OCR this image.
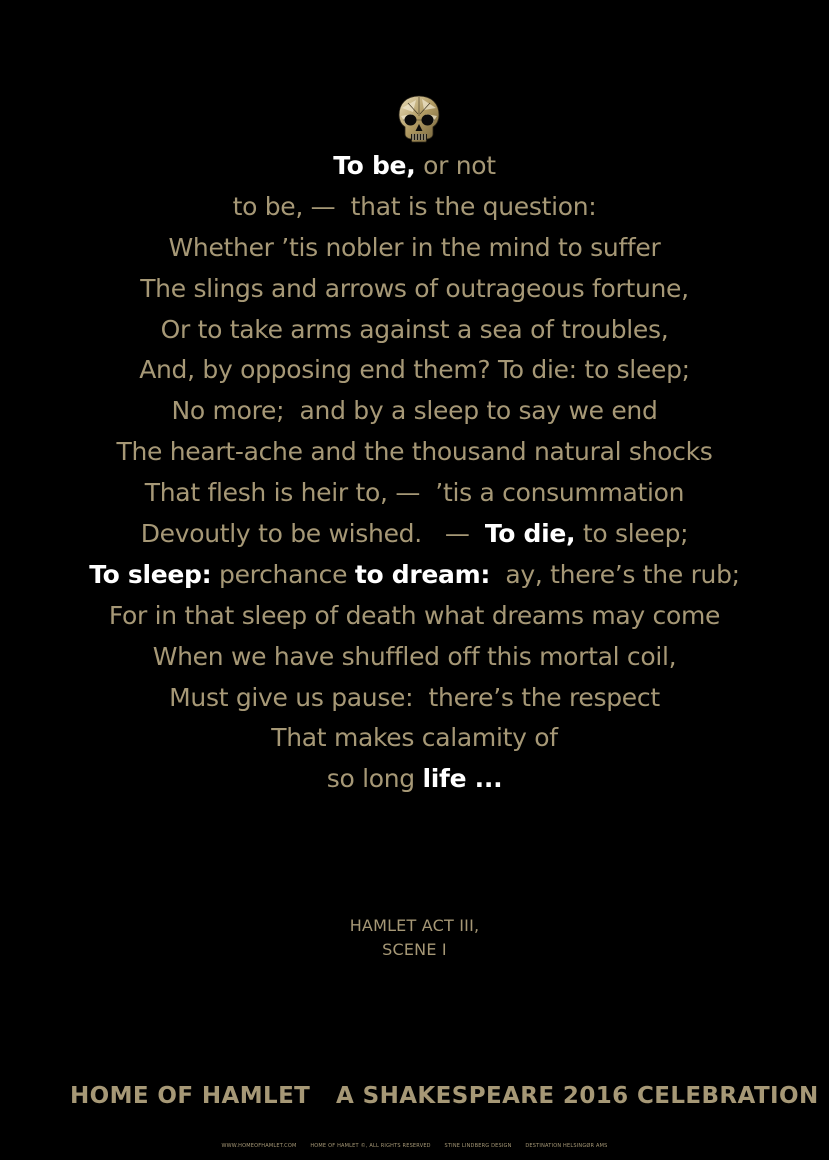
To be, or not
to be, —  that is the question:
Whether ’tis nobler in the mind to suffer
The slings and arrows of outrageous fortune,
Or to take arms against a sea of troubles,
And, by opposing end them? To die: to sleep;
No more;  and by a sleep to say we end
The heart-ache and the thousand natural shocks
That flesh is heir to, —  ’tis a consummation
Devoutly to be wished.   —  To die, to sleep;
To sleep: perchance to dream:  ay, there’s the rub;
For in that sleep of death what dreams may come
When we have shuffled off this mortal coil,
Must give us pause:  there’s the respect
That makes calamity of
so long life ...
HAMLET ACT III,
SCENE I
HOME OF HAMLET A SHAKESPEARE 2016 CELEBRATION
WWW.HOMEOFHAMLET.COM	HOME OF HAMLET ©, ALL RIGHTS RESERVED	STINE LINDBERG DESIGN	DESTINATION HELSINGØR AMS
